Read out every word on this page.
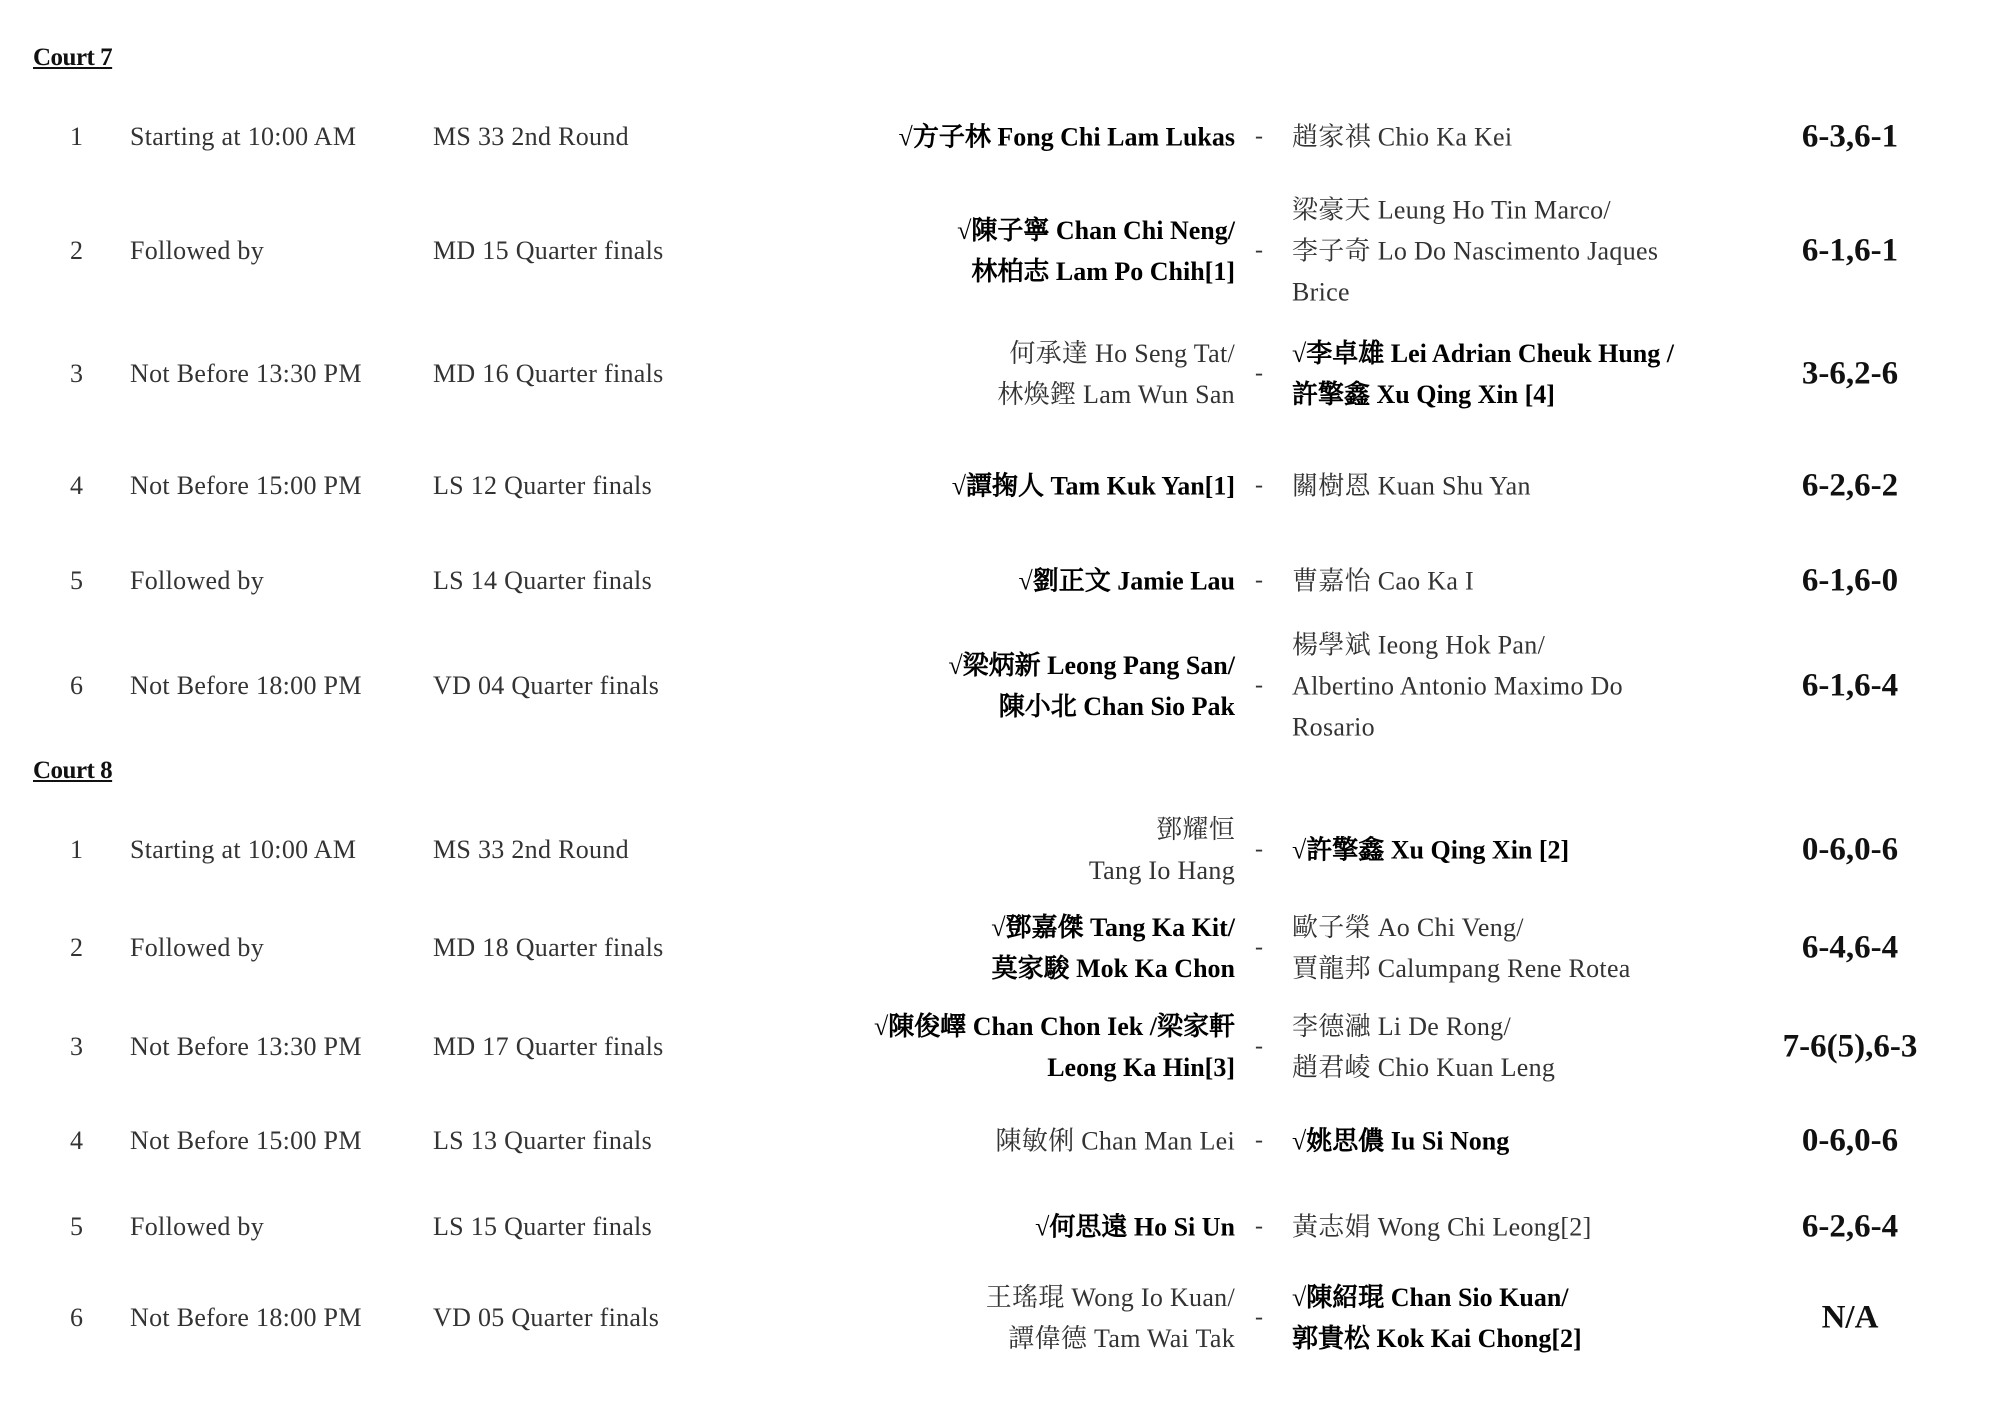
Court 7
1 Starting at 10:00 AM	MS 33 2nd Round	√方子林 Fong Chi Lam Lukas - 趙家祺 Chio Ka Kei	6-3,6-1
2 Followed by	MD 15 Quarter finals
√陳子寧 Chan Chi Neng/
林柏志 Lam Po Chih[1]
-
梁豪天 Leung Ho Tin Marco/
李子奇 Lo Do Nascimento Jaques
Brice
6-1,6-1
3 Not Before 13:30 PM	MD 16 Quarter finals
何承達 Ho Seng Tat/
林煥鏗 Lam Wun San
-
√李卓雄 Lei Adrian Cheuk Hung /
許擎鑫 Xu Qing Xin [4]
3-6,2-6
4 Not Before 15:00 PM	LS 12 Quarter finals	√譚掬人 Tam Kuk Yan[1] - 關樹恩 Kuan Shu Yan	6-2,6-2
5 Followed by	LS 14 Quarter finals	√劉正文 Jamie Lau - 曹嘉怡 Cao Ka I	6-1,6-0
6 Not Before 18:00 PM	VD 04 Quarter finals
√梁炳新 Leong Pang San/
陳小北 Chan Sio Pak
-
楊學斌 Ieong Hok Pan/
Albertino Antonio Maximo Do
Rosario
6-1,6-4
Court 8
1 Starting at 10:00 AM	MS 33 2nd Round
鄧耀恒
Tang Io Hang
- √許擎鑫 Xu Qing Xin [2]	0-6,0-6
2 Followed by	MD 18 Quarter finals
√鄧嘉傑 Tang Ka Kit/
莫家駿 Mok Ka Chon
-
歐子榮 Ao Chi Veng/
賈龍邦 Calumpang Rene Rotea
6-4,6-4
3 Not Before 13:30 PM	MD 17 Quarter finals
√陳俊嶧 Chan Chon Iek /梁家軒
Leong Ka Hin[3]
-
李德瀜 Li De Rong/
趙君崚 Chio Kuan Leng
7-6(5),6-3
4 Not Before 15:00 PM	LS 13 Quarter finals	陳敏俐 Chan Man Lei - √姚思儂 Iu Si Nong	0-6,0-6
5 Followed by	LS 15 Quarter finals	√何思遠 Ho Si Un - 黃志娟 Wong Chi Leong[2]	6-2,6-4
6 Not Before 18:00 PM	VD 05 Quarter finals
王瑤琨 Wong Io Kuan/
譚偉德 Tam Wai Tak
-
√陳紹琨 Chan Sio Kuan/
郭貴松 Kok Kai Chong[2]
N/A
